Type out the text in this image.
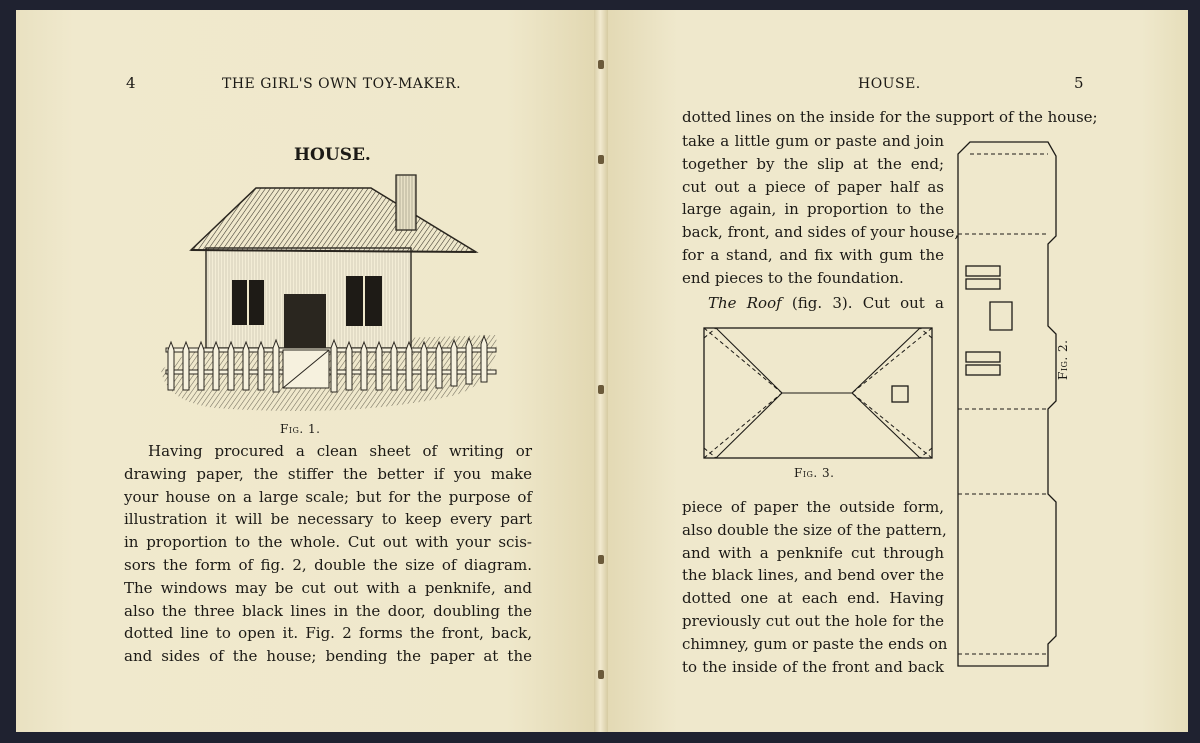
4	THE GIRL'S OWN TOY-MAKER.
HOUSE.
Fig. 1.
Having procured a clean sheet of writing or
drawing paper, the stiffer the better if you make
your house on a large scale; but for the purpose of
illustration it will be necessary to keep every part
in proportion to the whole. Cut out with your scis-
sors the form of fig. 2, double the size of diagram.
The windows may be cut out with a penknife, and
also the three black lines in the door, doubling the
dotted line to open it. Fig. 2 forms the front, back,
and sides of the house; bending the paper at the
HOUSE.	5
dotted lines on the inside for the support of the house;
take a little gum or paste and join
together by the slip at the end;
cut out a piece of paper half as
large again, in proportion to the
back, front, and sides of your house,
for a stand, and fix with gum the
end pieces to the foundation.
The Roof (fig. 3). Cut out a
Fig. 3.
piece of paper the outside form,
also double the size of the pattern,
and with a penknife cut through
the black lines, and bend over the
dotted one at each end. Having
previously cut out the hole for the
chimney, gum or paste the ends on
to the inside of the front and back
Fig. 2.
